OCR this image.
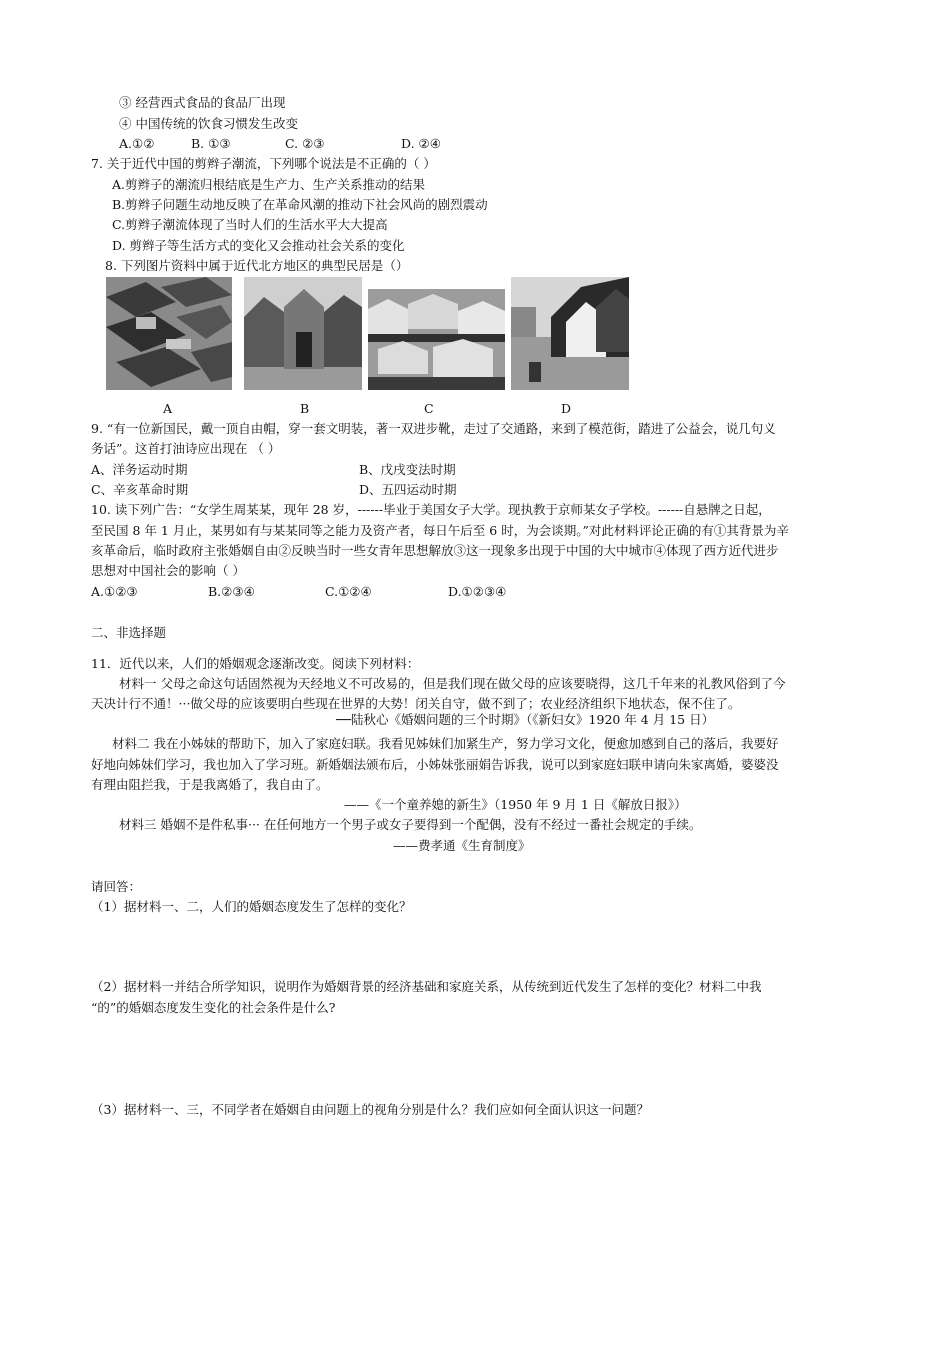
③ 经营西式食品的食品厂出现
④ 中国传统的饮食习惯发生改变
A.①②	B. ①③	C. ②③	D. ②④
7. 关于近代中国的剪辫子潮流，下列哪个说法是不正确的（ ）
A.剪辫子的潮流归根结底是生产力、生产关系推动的结果
B.剪辫子问题生动地反映了在革命风潮的推动下社会风尚的剧烈震动
C.剪辫子潮流体现了当时人们的生活水平大大提高
D. 剪辫子等生活方式的变化又会推动社会关系的变化
8. 下列图片资料中属于近代北方地区的典型民居是（）
A	B	C	D
9. “有一位新国民，戴一顶自由帽，穿一套文明装，著一双进步靴，走过了交通路，来到了模范街，踏进了公益会，说几句义
务话”。这首打油诗应出现在 （ ）
A、洋务运动时期	B、戊戌变法时期
C、辛亥革命时期	D、五四运动时期
10. 读下列广告：“女学生周某某，现年 28 岁，------毕业于美国女子大学。现执教于京师某女子学校。------自悬牌之日起，
至民国 8 年 1 月止，某男如有与某某同等之能力及资产者，每日午后至 6 时，为会谈期。”对此材料评论正确的有①其背景为辛
亥革命后，临时政府主张婚姻自由②反映当时一些女青年思想解放③这一现象多出现于中国的大中城市④体现了西方近代进步
思想对中国社会的影响（ ）
A.①②③	B.②③④	C.①②④	D.①②③④
二、非选择题
11．近代以来，人们的婚姻观念逐渐改变。阅读下列材料：
材料一 父母之命这句话固然视为天经地义不可改易的，但是我们现在做父母的应该要晓得，这几千年来的礼教风俗到了今
天决计行不通！···做父母的应该要明白些现在世界的大势！闭关自守，做不到了；农业经济组织下地状态，保不住了。
──陆秋心《婚姻问题的三个时期》（《新妇女》1920 年 4 月 15 日）
材料二 我在小姊妹的帮助下，加入了家庭妇联。我看见姊妹们加紧生产，努力学习文化，便愈加感到自己的落后，我要好
好地向姊妹们学习，我也加入了学习班。新婚姻法颁布后，小姊妹张丽娟告诉我，说可以到家庭妇联申请向朱家离婚，婆婆没
有理由阻拦我，于是我离婚了，我自由了。
——《一个童养媳的新生》（1950 年 9 月 1 日《解放日报》）
材料三 婚姻不是件私事··· 在任何地方一个男子或女子要得到一个配偶，没有不经过一番社会规定的手续。
——费孝通《生育制度》
请回答：
（1）据材料一、二，人们的婚姻态度发生了怎样的变化？
（2）据材料一并结合所学知识，说明作为婚姻背景的经济基础和家庭关系，从传统到近代发生了怎样的变化？材料二中我
“的”的婚姻态度发生变化的社会条件是什么?
（3）据材料一、三，不同学者在婚姻自由问题上的视角分别是什么？我们应如何全面认识这一问题？
